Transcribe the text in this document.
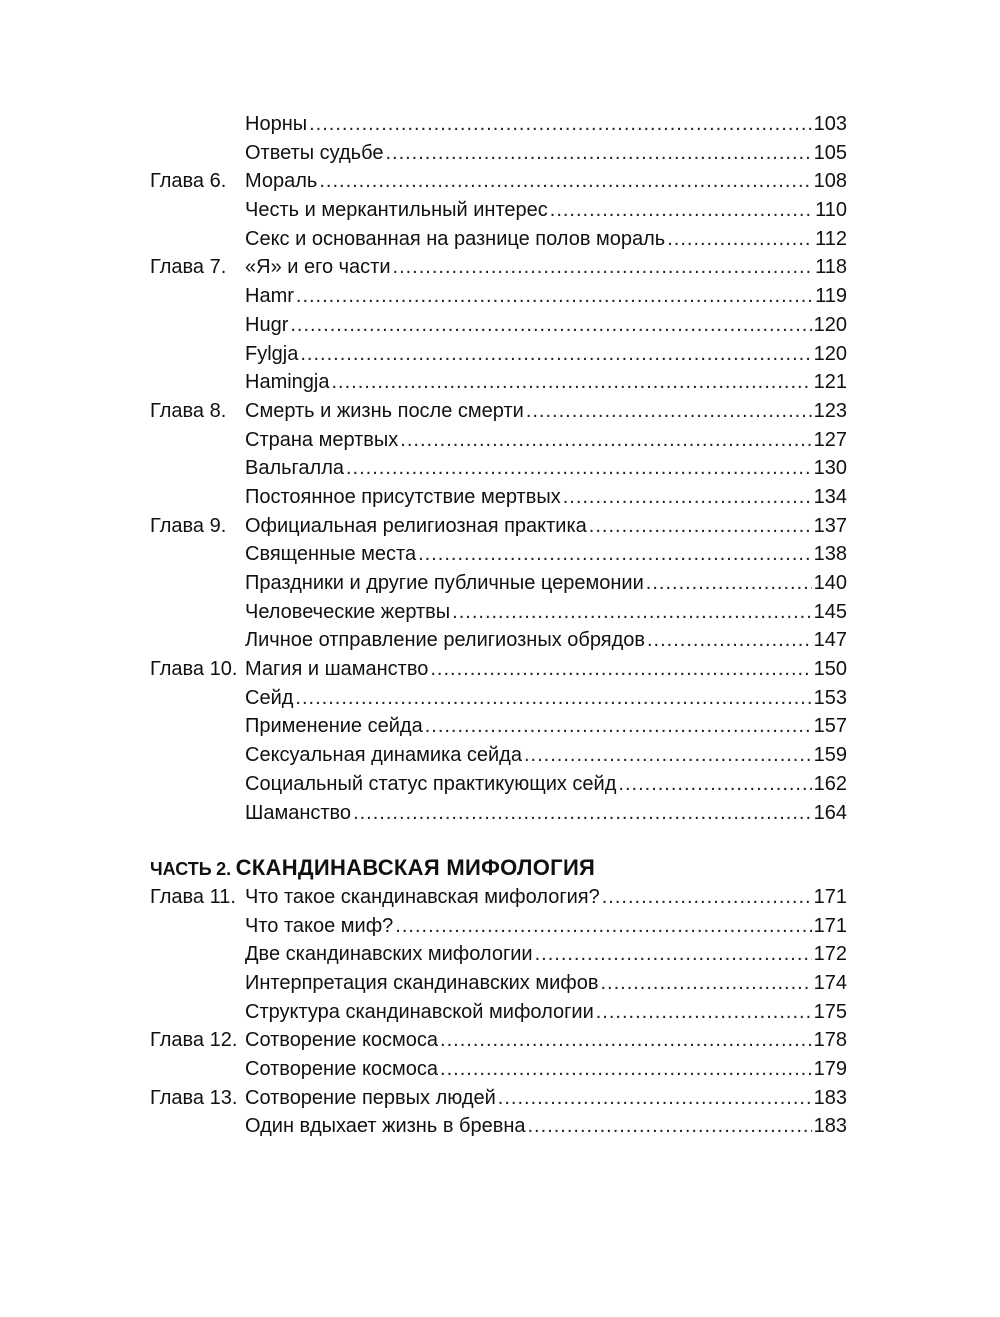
Норны .....	103
Ответы судьбе .....	105
Глава 6. Мораль .....	108
Честь и меркантильный интерес .....	110
Секс и основанная на разнице полов мораль .....	112
Глава 7. «Я» и его части .....	118
Hamr .....	119
Hugr .....	120
Fylgja .....	120
Hamingja .....	121
Глава 8. Смерть и жизнь после смерти .....	123
Страна мертвых .....	127
Вальгалла .....	130
Постоянное присутствие мертвых .....	134
Глава 9. Официальная религиозная практика .....	137
Священные места .....	138
Праздники и другие публичные церемонии .....	140
Человеческие жертвы .....	145
Личное отправление религиозных обрядов .....	147
Глава 10. Магия и шаманство .....	150
Сейд .....	153
Применение сейда .....	157
Сексуальная динамика сейда .....	159
Социальный статус практикующих сейд .....	162
Шаманство .....	164
ЧАСТЬ 2. СКАНДИНАВСКАЯ МИФОЛОГИЯ
Глава 11. Что такое скандинавская мифология? .....	171
Что такое миф? .....	171
Две скандинавских мифологии .....	172
Интерпретация скандинавских мифов .....	174
Структура скандинавской мифологии .....	175
Глава 12. Сотворение космоса .....	178
Сотворение космоса .....	179
Глава 13. Сотворение первых людей .....	183
Один вдыхает жизнь в бревна .....	183
